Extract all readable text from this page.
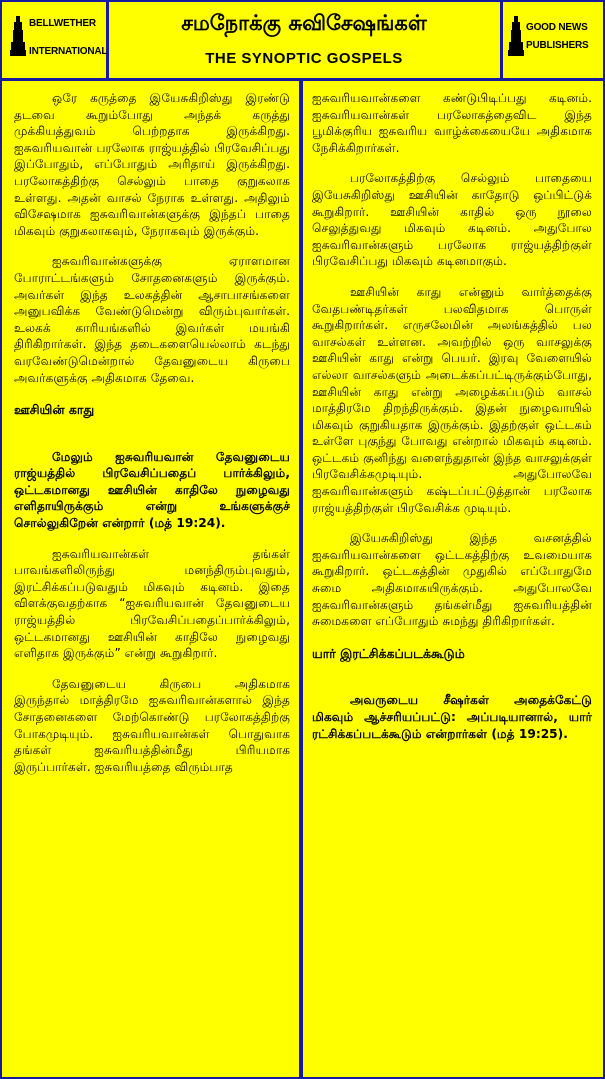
BELLWETHER
INTERNATIONAL
சமநோக்கு சுவிசேஷங்கள்
THE SYNOPTIC GOSPELS
GOOD NEWS
PUBLISHERS

ஒரே கருத்தை இயேசுகிறிஸ்து இரண்டு தடவை கூறும்போது அந்தக் கருத்து முக்கியத்துவம் பெற்றதாக இருக்கிறது. ஐசுவரியவான் பரலோக ராஜ்யத்தில் பிரவேசிப்பது இப்போதும், எப்போதும் அரிதாய் இருக்கிறது. பரலோகத்திற்கு செல்லும் பாதை குறுகலாக உள்ளது. அதன் வாசல் நேராக உள்ளது. அதிலும் விசேஷமாக ஐசுவரிவான்களுக்கு இந்தப் பாதை மிகவும் குறுகலாகவும், நேராகவும் இருக்கும்.

ஐசுவரிவான்களுக்கு ஏராளமான போராட்டங்களும் சோதனைகளும் இருக்கும். அவர்கள் இந்த உலகத்தின் ஆசாபாசங்களை அனுபவிக்க வேண்டுமென்று விரும்புவார்கள். உலகக் காரியங்களில் இவர்கள் மயங்கி திரிகிறார்கள். இந்த தடைகளையெல்லாம் கடந்து வரவேண்டுமென்றால் தேவனுடைய கிருபை அவர்களுக்கு அதிகமாக தேவை.

ஊசியின் காது

மேலும் ஐசுவரியவான் தேவனுடைய ராஜ்யத்தில் பிரவேசிப்பதைப் பார்க்கிலும், ஒட்டகமானது ஊசியின் காதிலே நுழைவது எளிதாயிருக்கும் என்று உங்களுக்குச் சொல்லுகிறேன் என்றார் (மத் 19:24).

ஐசுவரியவான்கள் தங்கள் பாவங்களிலிருந்து மனந்திரும்புவதும், இரட்சிக்கப்படுவதும் மிகவும் கடினம். இதை விளக்குவதற்காக “ஐசுவரியவான் தேவனுடைய ராஜ்யத்தில் பிரவேசிப்பதைப்பார்க்கிலும், ஒட்டகமானது ஊசியின் காதிலே நுழைவது எளிதாக இருக்கும்” என்று கூறுகிறார்.

தேவனுடைய கிருபை அதிகமாக இருந்தால் மாத்திரமே ஐசுவரிவான்களால் இந்த சோதனைகளை மேற்கொண்டு பரலோகத்திற்கு போகமுடியும். ஐசுவரியவான்கள் பொதுவாக தங்கள் ஐசுவரியத்தின்மீது பிரியமாக இருப்பார்கள். ஐசுவரியத்தை விரும்பாத

ஐசுவரியவான்களை கண்டுபிடிப்பது கடினம். ஐசுவரியவான்கள் பரலோகத்தைவிட இந்த பூமிக்குரிய ஐசுவரிய வாழ்க்கையையே அதிகமாக நேசிக்கிறார்கள்.

பரலோகத்திற்கு செல்லும் பாதையை இயேசுகிறிஸ்து ஊசியின் காதோடு ஒப்பிட்டுக் கூறுகிறார். ஊசியின் காதில் ஒரு நூலை செலுத்துவது மிகவும் கடினம். அதுபோல ஐசுவரிவான்களும் பரலோக ராஜ்யத்திற்குள் பிரவேசிப்பது மிகவும் கடினமாகும்.

ஊசியின் காது என்னும் வார்த்தைக்கு வேதபண்டிதர்கள் பலவிதமாக பொருள் கூறுகிறார்கள். எருசலேமின் அலங்கத்தில் பல வாசல்கள் உள்ளன. அவற்றில் ஒரு வாசலுக்கு ஊசியின் காது என்று பெயர். இரவு வேளையில் எல்லா வாசல்களும் அடைக்கப்பட்டிருக்கும்போது, ஊசியின் காது என்று அழைக்கப்படும் வாசல் மாத்திரமே திறந்திருக்கும். இதன் நுழைவாயில் மிகவும் குறுகியதாக இருக்கும். இதற்குள் ஒட்டகம் உள்ளே புகுந்து போவது என்றால் மிகவும் கடினம். ஒட்டகம் குனிந்து வளைந்துதான் இந்த வாசலுக்குள் பிரவேசிக்கமுடியும். அதுபோலவே ஐசுவரிவான்களும் கஷ்டப்பட்டுத்தான் பரலோக ராஜ்யத்திற்குள் பிரவேசிக்க முடியும்.

இயேசுகிறிஸ்து இந்த வசனத்தில் ஐசுவரியவான்களை ஒட்டகத்திற்கு உவமையாக கூறுகிறார். ஒட்டகத்தின் முதுகில் எப்போதுமே சுமை அதிகமாகயிருக்கும். அதுபோலவே ஐசுவரிவான்களும் தங்கள்மீது ஐசுவரியத்தின் சுமைகளை எப்போதும் சுமந்து திரிகிறார்கள்.

யார் இரட்சிக்கப்படக்கூடும்

அவருடைய சீஷர்கள் அதைக்கேட்டு மிகவும் ஆச்சரியப்பட்டு: அப்படியானால், யார் ரட்சிக்கப்படக்கூடும் என்றார்கள் (மத் 19:25).
